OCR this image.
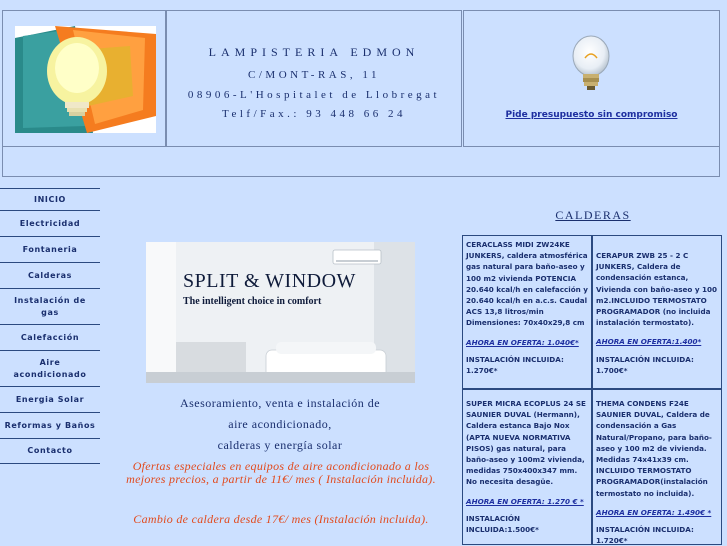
LAMPISTERIA EDMON
C/MONT-RAS, 11
08906-L'Hospitalet de Llobregat
Telf/Fax.: 93 448 66 24	Pide presupuesto sin compromiso
INICIO
Electricidad
Fontaneria
Calderas
Instalación de gas
Calefacción
Aire acondicionado
Energia Solar
Reformas y Baños
Contacto
SPLIT & WINDOW
The intelligent choice in comfort
Asesoramiento, venta e instalación de
aire acondicionado,
calderas y energía solar
Ofertas especiales en equipos de aire acondicionado a los mejores precios, a partir de 11€/ mes ( Instalación incluida).
Cambio de caldera desde 17€/ mes (Instalación incluida).
CALDERAS
CERACLASS MIDI ZW24KE JUNKERS, caldera atmosférica gas natural para baño-aseo y 100 m2 vivienda POTENCIA 20.640 kcal/h en calefacción y 20.640 kcal/h en a.c.s. Caudal ACS 13,8 litros/min Dimensiones: 70x40x29,8 cm
AHORA EN OFERTA: 1.040€*
INSTALACIÓN INCLUIDA: 1.270€*
CERAPUR ZWB 25 - 2 C JUNKERS, Caldera de condensación estanca, Vivienda con baño-aseo y 100 m2.INCLUIDO TERMOSTATO PROGRAMADOR (no incluida instalación termostato).
AHORA EN OFERTA:1.400*
INSTALACIÓN INCLUIDA: 1.700€*
SUPER MICRA ECOPLUS 24 SE SAUNIER DUVAL (Hermann), Caldera estanca Bajo Nox (APTA NUEVA NORMATIVA PISOS) gas natural, para baño-aseo y 100m2 vivienda, medidas 750x400x347 mm. No necesita desagüe.
AHORA EN OFERTA: 1.270 € *
INSTALACIÓN INCLUIDA:1.500€*
THEMA CONDENS F24E SAUNIER DUVAL, Caldera de condensación a Gas Natural/Propano, para baño-aseo y 100 m2 de vivienda. Medidas 74x41x39 cm. INCLUIDO TERMOSTATO PROGRAMADOR(instalación termostato no incluida).
AHORA EN OFERTA: 1.490€ *
INSTALACIÓN INCLUIDA: 1.720€*
